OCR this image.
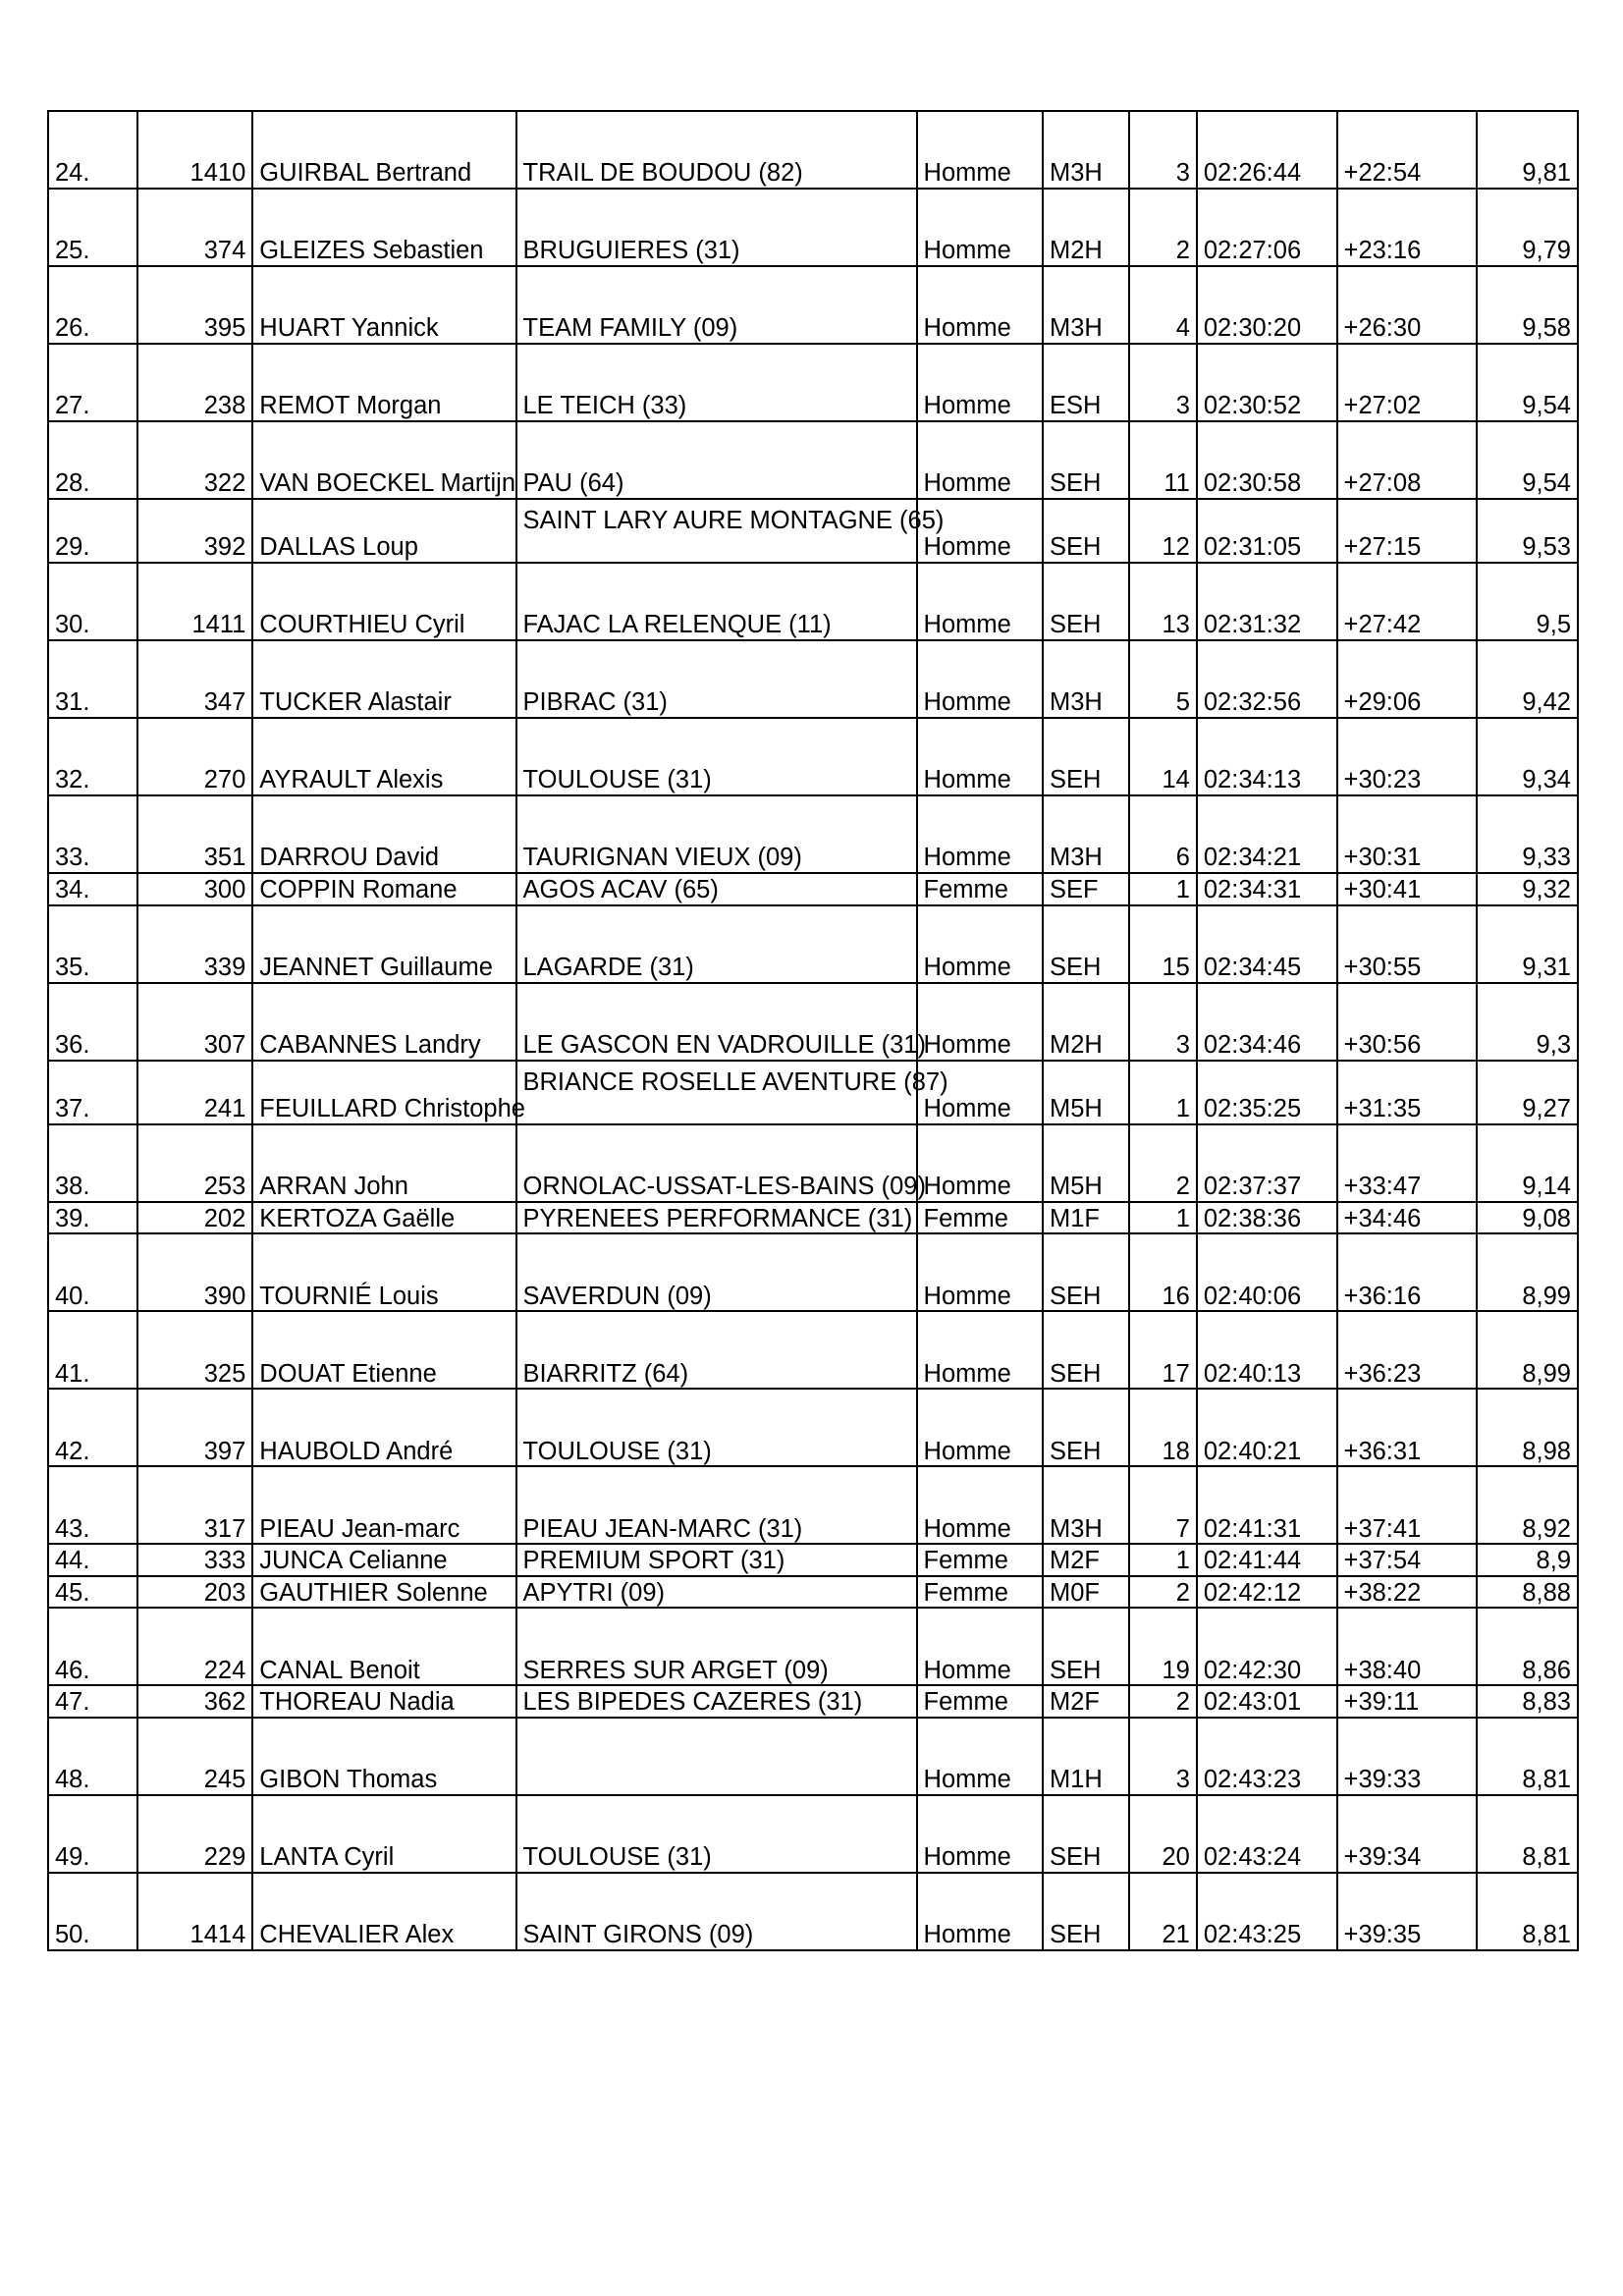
24.	1410	GUIRBAL Bertrand	TRAIL DE BOUDOU (82)	Homme	M3H	3	02:26:44	+22:54	9,81
25.	374	GLEIZES Sebastien	BRUGUIERES (31)	Homme	M2H	2	02:27:06	+23:16	9,79
26.	395	HUART Yannick	TEAM FAMILY (09)	Homme	M3H	4	02:30:20	+26:30	9,58
27.	238	REMOT Morgan	LE TEICH (33)	Homme	ESH	3	02:30:52	+27:02	9,54
28.	322	VAN BOECKEL Martijn	PAU (64)	Homme	SEH	11	02:30:58	+27:08	9,54
29.	392	DALLAS Loup	SAINT LARY AURE MONTAGNE (65)	Homme	SEH	12	02:31:05	+27:15	9,53
30.	1411	COURTHIEU Cyril	FAJAC LA RELENQUE (11)	Homme	SEH	13	02:31:32	+27:42	9,5
31.	347	TUCKER Alastair	PIBRAC (31)	Homme	M3H	5	02:32:56	+29:06	9,42
32.	270	AYRAULT Alexis	TOULOUSE (31)	Homme	SEH	14	02:34:13	+30:23	9,34
33.	351	DARROU David	TAURIGNAN VIEUX (09)	Homme	M3H	6	02:34:21	+30:31	9,33
34.	300	COPPIN Romane	AGOS ACAV (65)	Femme	SEF	1	02:34:31	+30:41	9,32
35.	339	JEANNET Guillaume	LAGARDE (31)	Homme	SEH	15	02:34:45	+30:55	9,31
36.	307	CABANNES Landry	LE GASCON EN VADROUILLE (31)	Homme	M2H	3	02:34:46	+30:56	9,3
37.	241	FEUILLARD Christophe	BRIANCE ROSELLE AVENTURE (87)	Homme	M5H	1	02:35:25	+31:35	9,27
38.	253	ARRAN John	ORNOLAC-USSAT-LES-BAINS (09)	Homme	M5H	2	02:37:37	+33:47	9,14
39.	202	KERTOZA Gaëlle	PYRENEES PERFORMANCE (31)	Femme	M1F	1	02:38:36	+34:46	9,08
40.	390	TOURNIÉ Louis	SAVERDUN (09)	Homme	SEH	16	02:40:06	+36:16	8,99
41.	325	DOUAT Etienne	BIARRITZ (64)	Homme	SEH	17	02:40:13	+36:23	8,99
42.	397	HAUBOLD André	TOULOUSE (31)	Homme	SEH	18	02:40:21	+36:31	8,98
43.	317	PIEAU Jean-marc	PIEAU JEAN-MARC (31)	Homme	M3H	7	02:41:31	+37:41	8,92
44.	333	JUNCA Celianne	PREMIUM SPORT (31)	Femme	M2F	1	02:41:44	+37:54	8,9
45.	203	GAUTHIER Solenne	APYTRI (09)	Femme	M0F	2	02:42:12	+38:22	8,88
46.	224	CANAL Benoit	SERRES SUR ARGET (09)	Homme	SEH	19	02:42:30	+38:40	8,86
47.	362	THOREAU Nadia	LES BIPEDES CAZERES (31)	Femme	M2F	2	02:43:01	+39:11	8,83
48.	245	GIBON Thomas		Homme	M1H	3	02:43:23	+39:33	8,81
49.	229	LANTA Cyril	TOULOUSE (31)	Homme	SEH	20	02:43:24	+39:34	8,81
50.	1414	CHEVALIER Alex	SAINT GIRONS (09)	Homme	SEH	21	02:43:25	+39:35	8,81
